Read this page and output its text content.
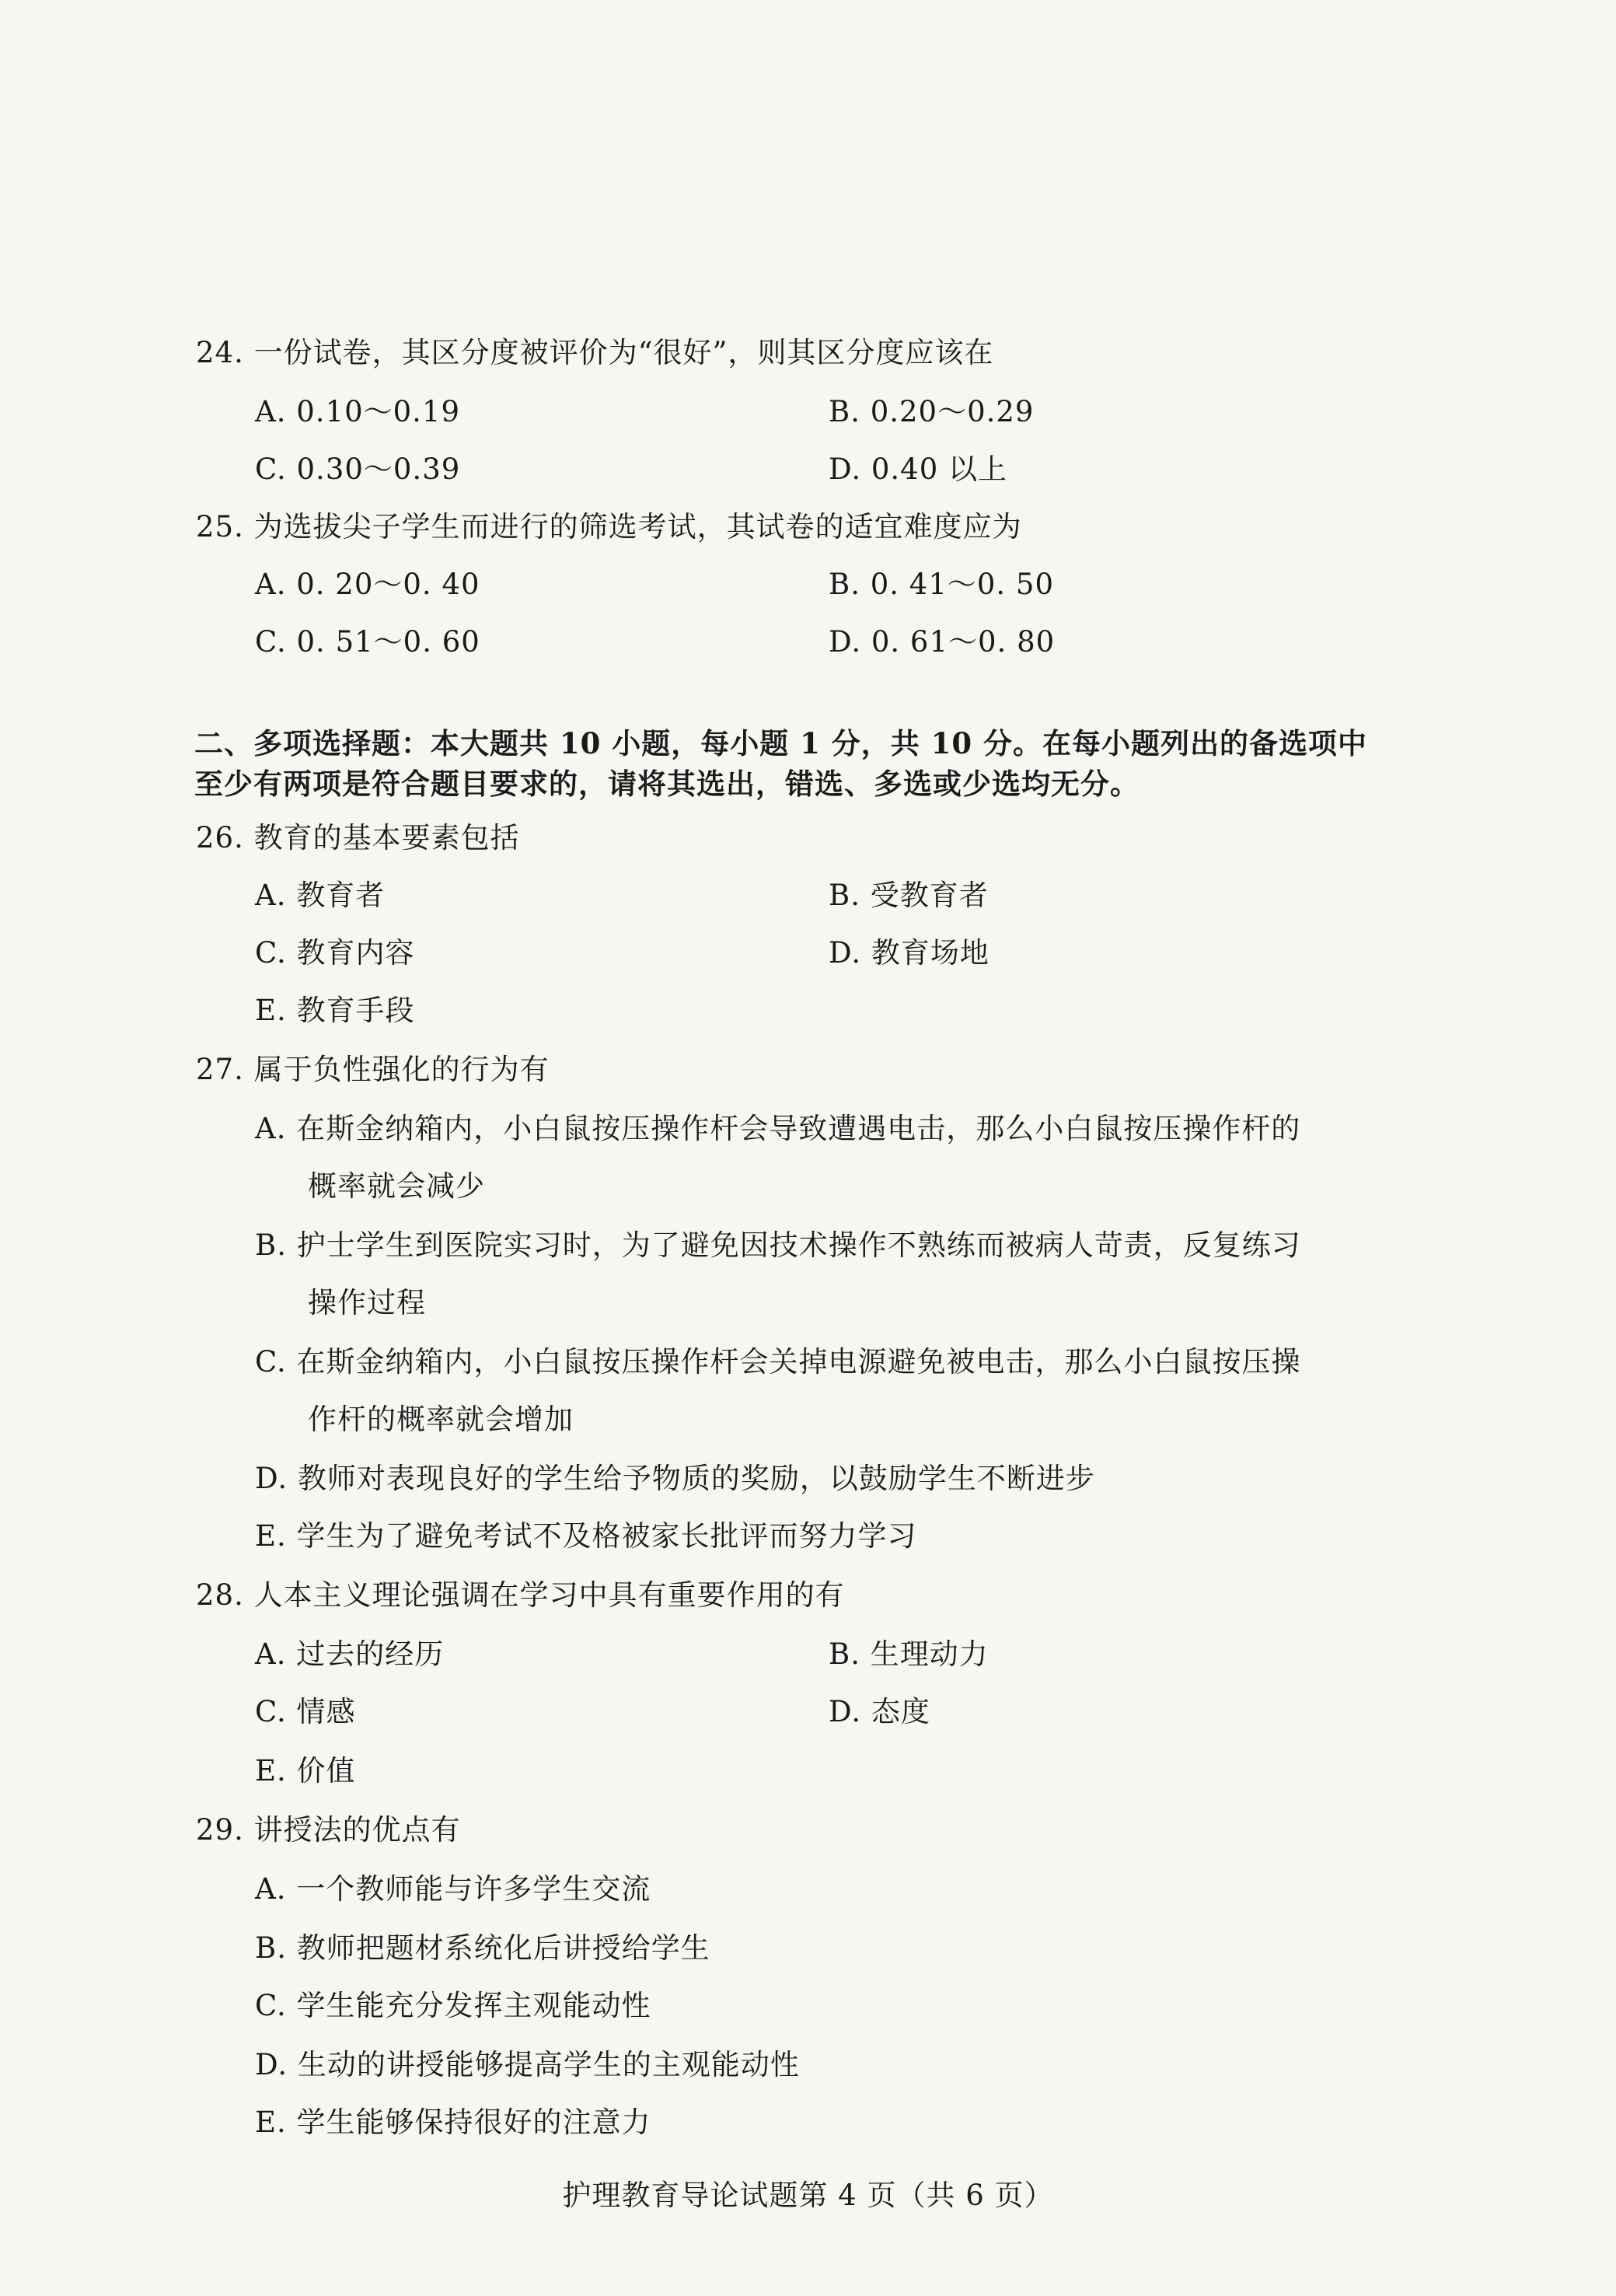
24. 一份试卷，其区分度被评价为“很好”，则其区分度应该在
A. 0.10～0.19	B. 0.20～0.29
C. 0.30～0.39	D. 0.40 以上
25. 为选拔尖子学生而进行的筛选考试，其试卷的适宜难度应为
A. 0. 20～0. 40	B. 0. 41～0. 50
C. 0. 51～0. 60	D. 0. 61～0. 80
二、多项选择题：本大题共 10 小题，每小题 1 分，共 10 分。在每小题列出的备选项中
至少有两项是符合题目要求的，请将其选出，错选、多选或少选均无分。
26. 教育的基本要素包括
A. 教育者	B. 受教育者
C. 教育内容	D. 教育场地
E. 教育手段
27. 属于负性强化的行为有
A. 在斯金纳箱内，小白鼠按压操作杆会导致遭遇电击，那么小白鼠按压操作杆的
概率就会减少
B. 护士学生到医院实习时，为了避免因技术操作不熟练而被病人苛责，反复练习
操作过程
C. 在斯金纳箱内，小白鼠按压操作杆会关掉电源避免被电击，那么小白鼠按压操
作杆的概率就会增加
D. 教师对表现良好的学生给予物质的奖励，以鼓励学生不断进步
E. 学生为了避免考试不及格被家长批评而努力学习
28. 人本主义理论强调在学习中具有重要作用的有
A. 过去的经历	B. 生理动力
C. 情感	D. 态度
E. 价值
29. 讲授法的优点有
A. 一个教师能与许多学生交流
B. 教师把题材系统化后讲授给学生
C. 学生能充分发挥主观能动性
D. 生动的讲授能够提高学生的主观能动性
E. 学生能够保持很好的注意力
护理教育导论试题第 4 页（共 6 页）
